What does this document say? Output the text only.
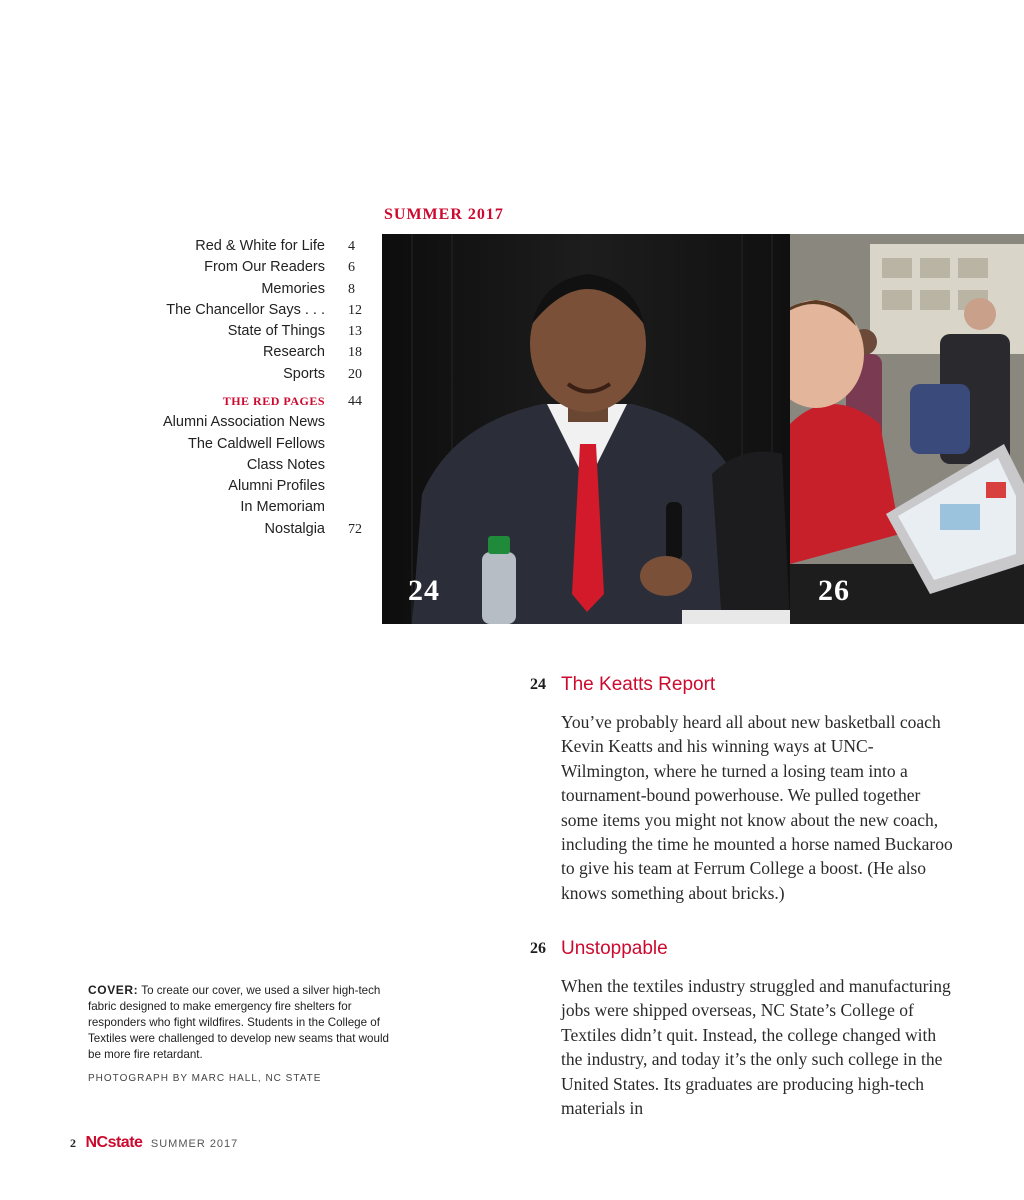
SUMMER 2017
Red & White for Life 4
From Our Readers 6
Memories 8
The Chancellor Says . . . 12
State of Things 13
Research 18
Sports 20
THE RED PAGES 44
Alumni Association News
The Caldwell Fellows
Class Notes
Alumni Profiles
In Memoriam
Nostalgia 72
24	26
24 The Keatts Report
You’ve probably heard all about new basketball coach Kevin Keatts and his winning ways at UNC-Wilmington, where he turned a losing team into a tournament-bound powerhouse. We pulled together some items you might not know about the new coach, including the time he mounted a horse named Buckaroo to give his team at Ferrum College a boost. (He also knows something about bricks.)
26 Unstoppable
When the textiles industry struggled and manufacturing jobs were shipped overseas, NC State’s College of Textiles didn’t quit. Instead, the college changed with the industry, and today it’s the only such college in the United States. Its graduates are producing high-tech materials in
COVER: To create our cover, we used a silver high-tech fabric designed to make emergency fire shelters for responders who fight wildfires. Students in the College of Textiles were challenged to develop new seams that would be more fire retardant.
PHOTOGRAPH BY MARC HALL, NC STATE
2 NCstate SUMMER 2017
